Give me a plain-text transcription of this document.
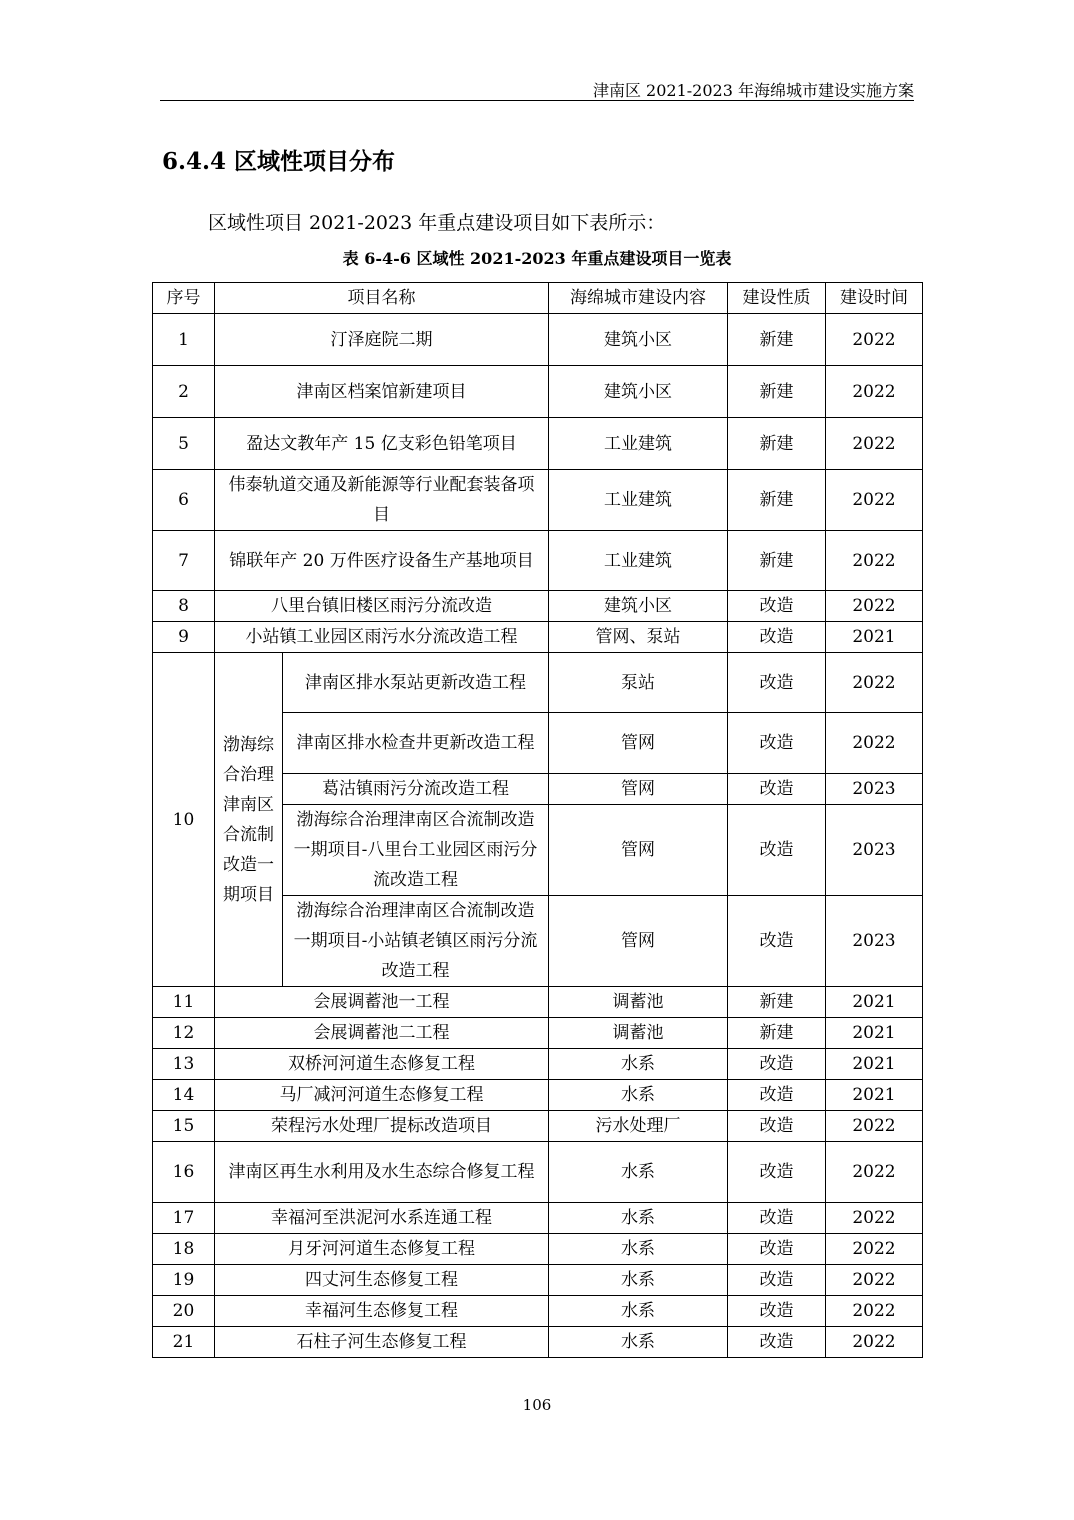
津南区 2021-2023 年海绵城市建设实施方案
6.4.4 区域性项目分布
区域性项目 2021-2023 年重点建设项目如下表所示：
表 6-4-6 区域性 2021-2023 年重点建设项目一览表
序号	项目名称		海绵城市建设内容	建设性质	建设时间
1	汀泽庭院二期		建筑小区	新建	2022
2	津南区档案馆新建项目		建筑小区	新建	2022
5	盈达文教年产 15 亿支彩色铅笔项目		工业建筑	新建	2022
6	伟泰轨道交通及新能源等行业配套装备项目		工业建筑	新建	2022
7	锦联年产 20 万件医疗设备生产基地项目		工业建筑	新建	2022
8	八里台镇旧楼区雨污分流改造		建筑小区	改造	2022
9	小站镇工业园区雨污水分流改造工程		管网、泵站	改造	2021
10	渤海综合治理津南区合流制改造一期项目	津南区排水泵站更新改造工程	泵站	改造	2022
		津南区排水检查井更新改造工程	管网	改造	2022
		葛沽镇雨污分流改造工程	管网	改造	2023
		渤海综合治理津南区合流制改造一期项目-八里台工业园区雨污分流改造工程	管网	改造	2023
		渤海综合治理津南区合流制改造一期项目-小站镇老镇区雨污分流改造工程	管网	改造	2023
11	会展调蓄池一工程		调蓄池	新建	2021
12	会展调蓄池二工程		调蓄池	新建	2021
13	双桥河河道生态修复工程		水系	改造	2021
14	马厂减河河道生态修复工程		水系	改造	2021
15	荣程污水处理厂提标改造项目		污水处理厂	改造	2022
16	津南区再生水利用及水生态综合修复工程		水系	改造	2022
17	幸福河至洪泥河水系连通工程		水系	改造	2022
18	月牙河河道生态修复工程		水系	改造	2022
19	四丈河生态修复工程		水系	改造	2022
20	幸福河生态修复工程		水系	改造	2022
21	石柱子河生态修复工程		水系	改造	2022
106
